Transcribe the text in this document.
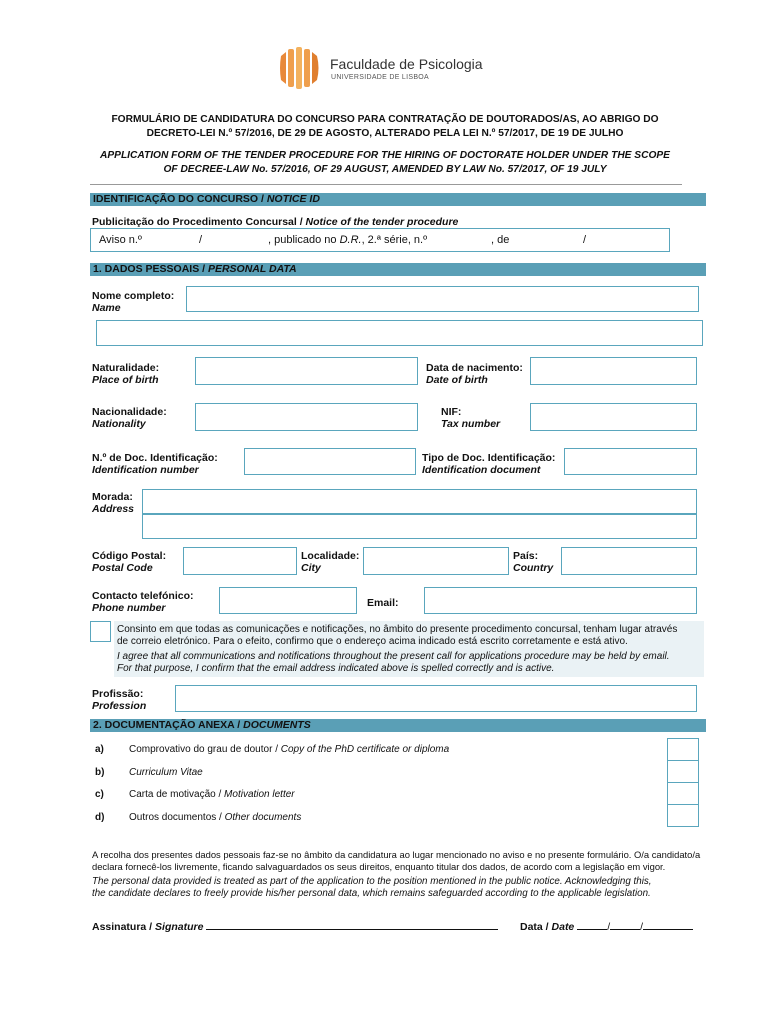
Faculdade de Psicologia
UNIVERSIDADE DE LISBOA
FORMULÁRIO DE CANDIDATURA DO CONCURSO PARA CONTRATAÇÃO DE DOUTORADOS/AS, AO ABRIGO DO
DECRETO-LEI N.º 57/2016, DE 29 DE AGOSTO, ALTERADO PELA LEI N.º 57/2017, DE 19 DE JULHO
APPLICATION FORM OF THE TENDER PROCEDURE FOR THE HIRING OF DOCTORATE HOLDER UNDER THE SCOPE
OF DECREE-LAW No. 57/2016, OF 29 AUGUST, AMENDED BY LAW No. 57/2017, OF 19 JULY
IDENTIFICAÇÃO DO CONCURSO / NOTICE ID
Publicitação do Procedimento Concursal / Notice of the tender procedure
Aviso n.º	/	, publicado no D.R., 2.ª série, n.º	, de	/
1. DADOS PESSOAIS / PERSONAL DATA
Nome completo:
Name
Naturalidade:
Place of birth
Data de nacimento:
Date of birth
Nacionalidade:
Nationality
NIF:
Tax number
N.º de Doc. Identificação:
Identification number
Tipo de Doc. Identificação:
Identification document
Morada:
Address
Código Postal:
Postal Code
Localidade:
City
País:
Country
Contacto telefónico:
Phone number	Email:
Consinto em que todas as comunicações e notificações, no âmbito do presente procedimento concursal, tenham lugar através
de correio eletrónico. Para o efeito, confirmo que o endereço acima indicado está escrito corretamente e está ativo.
I agree that all communications and notifications throughout the present call for applications procedure may be held by email.
For that purpose, I confirm that the email address indicated above is spelled correctly and is active.
Profissão:
Profession
2. DOCUMENTAÇÃO ANEXA / DOCUMENTS
a)	Comprovativo do grau de doutor / Copy of the PhD certificate or diploma
b) Curriculum Vitae
c)	Carta de motivação / Motivation letter
d) Outros documentos / Other documents
A recolha dos presentes dados pessoais faz-se no âmbito da candidatura ao lugar mencionado no aviso e no presente formulário. O/a candidato/a
declara fornecê-los livremente, ficando salvaguardados os seus direitos, enquanto titular dos dados, de acordo com a legislação em vigor.
The personal data provided is treated as part of the application to the position mentioned in the public notice. Acknowledging this,
the candidate declares to freely provide his/her personal data, which remains safeguarded according to the applicable legislation.
Assinatura / Signature	Data / Date	/	/
